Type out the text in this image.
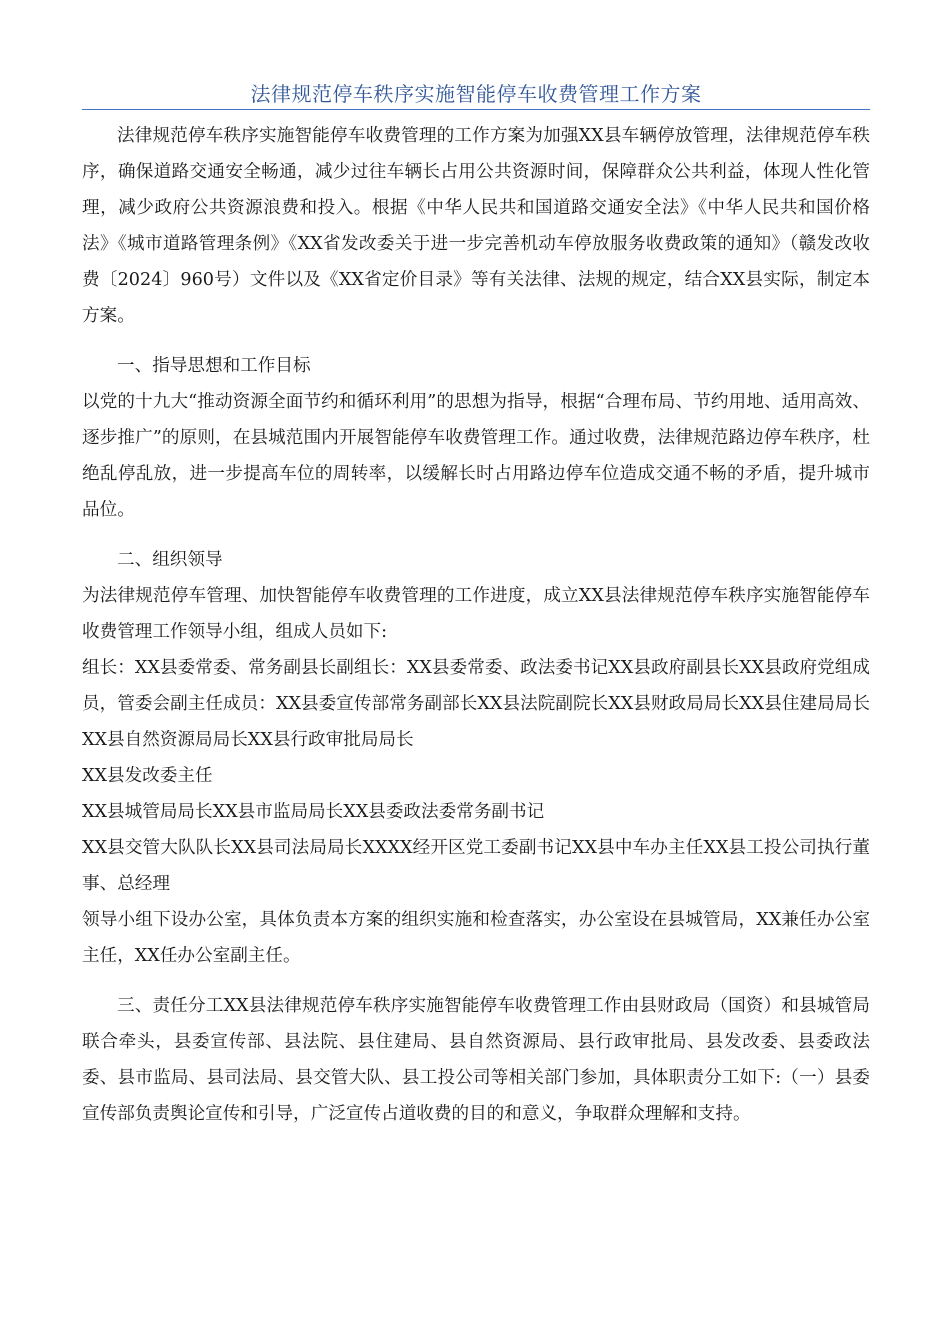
法律规范停车秩序实施智能停车收费管理工作方案

法律规范停车秩序实施智能停车收费管理的工作方案为加强XX县车辆停放管理，法律规范停车秩序，确保道路交通安全畅通，减少过往车辆长占用公共资源时间，保障群众公共利益，体现人性化管理，减少政府公共资源浪费和投入。根据《中华人民共和国道路交通安全法》《中华人民共和国价格法》《城市道路管理条例》《XX省发改委关于进一步完善机动车停放服务收费政策的通知》（赣发改收费〔2024〕960号）文件以及《XX省定价目录》等有关法律、法规的规定，结合XX县实际，制定本方案。

一、指导思想和工作目标

以党的十九大“推动资源全面节约和循环利用”的思想为指导，根据“合理布局、节约用地、适用高效、逐步推广”的原则，在县城范围内开展智能停车收费管理工作。通过收费，法律规范路边停车秩序，杜绝乱停乱放，进一步提高车位的周转率，以缓解长时占用路边停车位造成交通不畅的矛盾，提升城市品位。

二、组织领导

为法律规范停车管理、加快智能停车收费管理的工作进度，成立XX县法律规范停车秩序实施智能停车收费管理工作领导小组，组成人员如下:

组长：XX县委常委、常务副县长副组长：XX县委常委、政法委书记XX县政府副县长XX县政府党组成员，管委会副主任成员：XX县委宣传部常务副部长XX县法院副院长XX县财政局局长XX县住建局局长XX县自然资源局局长XX县行政审批局局长

XX县发改委主任

XX县城管局局长XX县市监局局长XX县委政法委常务副书记

XX县交管大队队长XX县司法局局长XXXX经开区党工委副书记XX县中车办主任XX县工投公司执行董事、总经理

领导小组下设办公室，具体负责本方案的组织实施和检查落实，办公室设在县城管局，XX兼任办公室主任，XX任办公室副主任。

三、责任分工XX县法律规范停车秩序实施智能停车收费管理工作由县财政局（国资）和县城管局联合牵头，县委宣传部、县法院、县住建局、县自然资源局、县行政审批局、县发改委、县委政法委、县市监局、县司法局、县交管大队、县工投公司等相关部门参加，具体职责分工如下:（一）县委宣传部负责舆论宣传和引导，广泛宣传占道收费的目的和意义，争取群众理解和支持。
